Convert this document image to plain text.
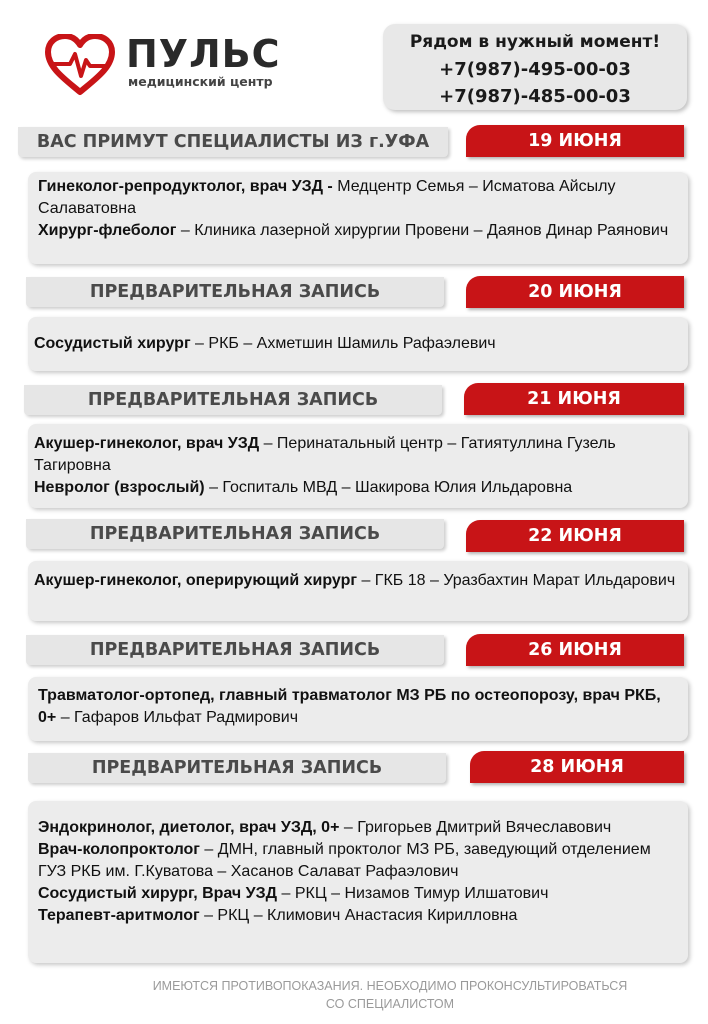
ПУЛЬС
медицинский центр
Рядом в нужный момент!
+7(987)-495-00-03
+7(987)-485-00-03
ВАС ПРИМУТ СПЕЦИАЛИСТЫ ИЗ г.УФА	19 ИЮНЯ

Гинеколог-репродуктолог, врач УЗД - Медцентр Семья – Исматова Айсылу Салаватовна

Хирург-флеболог – Клиника лазерной хирургии Провени – Даянов Динар Раянович

ПРЕДВАРИТЕЛЬНАЯ ЗАПИСЬ	20 ИЮНЯ

Сосудистый хирург – РКБ – Ахметшин Шамиль Рафаэлевич

ПРЕДВАРИТЕЛЬНАЯ ЗАПИСЬ	21 ИЮНЯ

Акушер-гинеколог, врач УЗД – Перинатальный центр – Гатиятуллина Гузель Тагировна

Невролог (взрослый) – Госпиталь МВД – Шакирова Юлия Ильдаровна

ПРЕДВАРИТЕЛЬНАЯ ЗАПИСЬ	22 ИЮНЯ

Акушер-гинеколог, оперирующий хирург – ГКБ 18 – Уразбахтин Марат Ильдарович

ПРЕДВАРИТЕЛЬНАЯ ЗАПИСЬ	26 ИЮНЯ

Травматолог-ортопед, главный травматолог МЗ РБ по остеопорозу, врач РКБ, 0+ – Гафаров Ильфат Радмирович

ПРЕДВАРИТЕЛЬНАЯ ЗАПИСЬ	28 ИЮНЯ

Эндокринолог, диетолог, врач УЗД, 0+ – Григорьев Дмитрий Вячеславович

Врач-колопроктолог – ДМН, главный проктолог МЗ РБ, заведующий отделением ГУЗ РКБ им. Г.Куватова – Хасанов Салават Рафаэлович

Сосудистый хирург, Врач УЗД – РКЦ – Низамов Тимур Илшатович

Терапевт-аритмолог – РКЦ – Климович Анастасия Кирилловна

ИМЕЮТСЯ ПРОТИВОПОКАЗАНИЯ. НЕОБХОДИМО ПРОКОНСУЛЬТИРОВАТЬСЯ
СО СПЕЦИАЛИСТОМ
